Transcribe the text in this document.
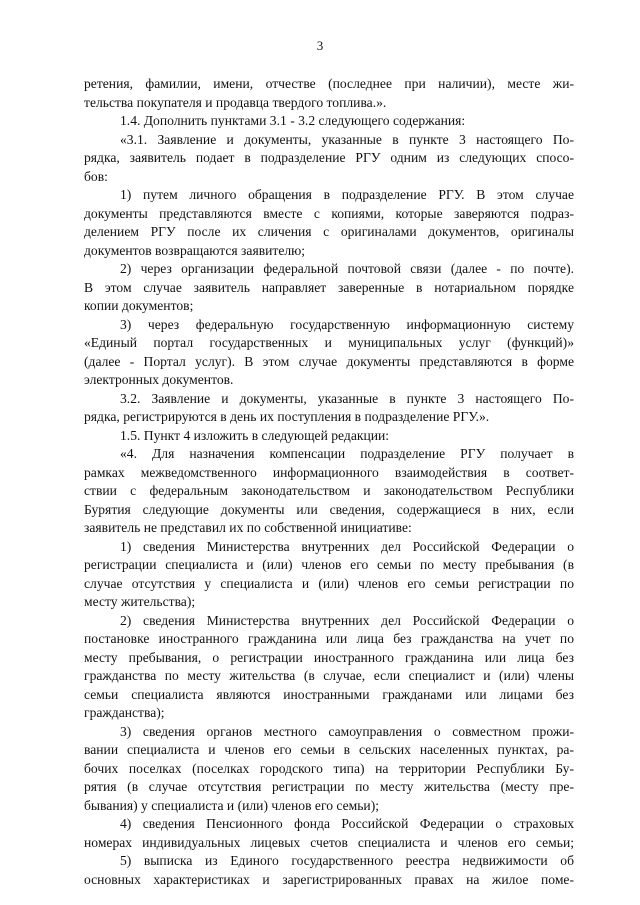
3
ретения, фамилии, имени, отчестве (последнее при наличии), месте жи-
тельства покупателя и продавца твердого топлива.».
1.4. Дополнить пунктами 3.1 - 3.2 следующего содержания:
«3.1. Заявление и документы, указанные в пункте 3 настоящего По-
рядка, заявитель подает в подразделение РГУ одним из следующих спосо-
бов:
1) путем личного обращения в подразделение РГУ. В этом случае
документы представляются вместе с копиями, которые заверяются подраз-
делением РГУ после их сличения с оригиналами документов, оригиналы
документов возвращаются заявителю;
2) через организации федеральной почтовой связи (далее - по почте).
В этом случае заявитель направляет заверенные в нотариальном порядке
копии документов;
3) через федеральную государственную информационную систему
«Единый портал государственных и муниципальных услуг (функций)»
(далее - Портал услуг). В этом случае документы представляются в форме
электронных документов.
3.2. Заявление и документы, указанные в пункте 3 настоящего По-
рядка, регистрируются в день их поступления в подразделение РГУ.».
1.5. Пункт 4 изложить в следующей редакции:
«4. Для назначения компенсации подразделение РГУ получает в
рамках межведомственного информационного взаимодействия в соответ-
ствии с федеральным законодательством и законодательством Республики
Бурятия следующие документы или сведения, содержащиеся в них, если
заявитель не представил их по собственной инициативе:
1) сведения Министерства внутренних дел Российской Федерации о
регистрации специалиста и (или) членов его семьи по месту пребывания (в
случае отсутствия у специалиста и (или) членов его семьи регистрации по
месту жительства);
2) сведения Министерства внутренних дел Российской Федерации о
постановке иностранного гражданина или лица без гражданства на учет по
месту пребывания, о регистрации иностранного гражданина или лица без
гражданства по месту жительства (в случае, если специалист и (или) члены
семьи специалиста являются иностранными гражданами или лицами без
гражданства);
3) сведения органов местного самоуправления о совместном прожи-
вании специалиста и членов его семьи в сельских населенных пунктах, ра-
бочих поселках (поселках городского типа) на территории Республики Бу-
рятия (в случае отсутствия регистрации по месту жительства (месту пре-
бывания) у специалиста и (или) членов его семьи);
4) сведения Пенсионного фонда Российской Федерации о страховых
номерах индивидуальных лицевых счетов специалиста и членов его семьи;
5) выписка из Единого государственного реестра недвижимости об
основных характеристиках и зарегистрированных правах на жилое поме-
